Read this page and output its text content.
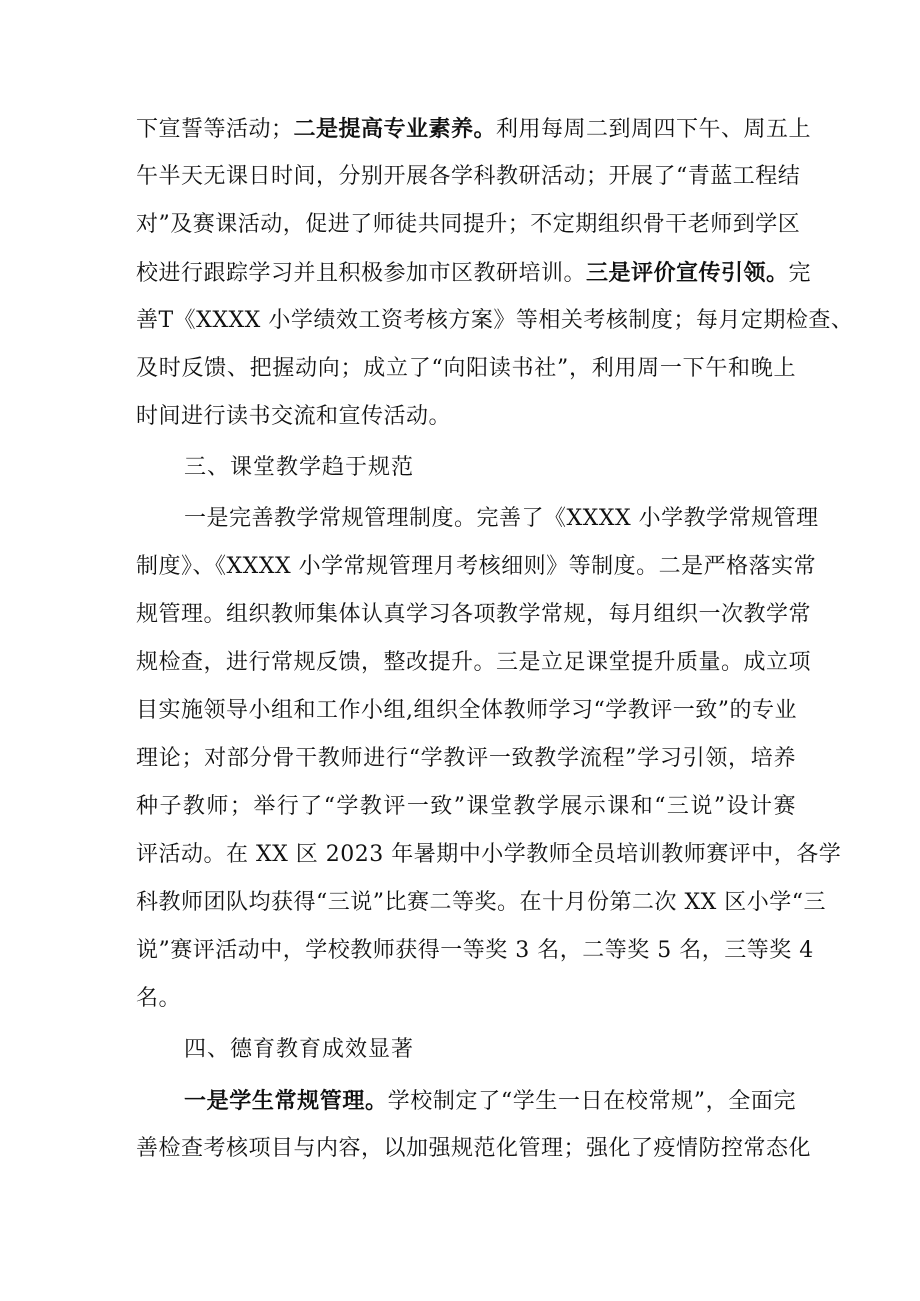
下宣誓等活动；二是提高专业素养。利用每周二到周四下午、周五上
午半天无课日时间，分别开展各学科教研活动；开展了“青蓝工程结
对”及赛课活动，促进了师徒共同提升；不定期组织骨干老师到学区
校进行跟踪学习并且积极参加市区教研培训。三是评价宣传引领。完
善T《XXXX 小学绩效工资考核方案》等相关考核制度；每月定期检查、
及时反馈、把握动向；成立了“向阳读书社”，利用周一下午和晚上
时间进行读书交流和宣传活动。
三、课堂教学趋于规范
一是完善教学常规管理制度。完善了《XXXX 小学教学常规管理
制度》、《XXXX 小学常规管理月考核细则》等制度。二是严格落实常
规管理。组织教师集体认真学习各项教学常规，每月组织一次教学常
规检查，进行常规反馈，整改提升。三是立足课堂提升质量。成立项
目实施领导小组和工作小组,组织全体教师学习“学教评一致”的专业
理论；对部分骨干教师进行“学教评一致教学流程”学习引领，培养
种子教师；举行了“学教评一致”课堂教学展示课和“三说”设计赛
评活动。在 XX 区 2023 年暑期中小学教师全员培训教师赛评中，各学
科教师团队均获得“三说”比赛二等奖。在十月份第二次 XX 区小学“三
说”赛评活动中，学校教师获得一等奖 3 名，二等奖 5 名，三等奖 4
名。
四、德育教育成效显著
一是学生常规管理。学校制定了“学生一日在校常规”，全面完
善检查考核项目与内容，以加强规范化管理；强化了疫情防控常态化
